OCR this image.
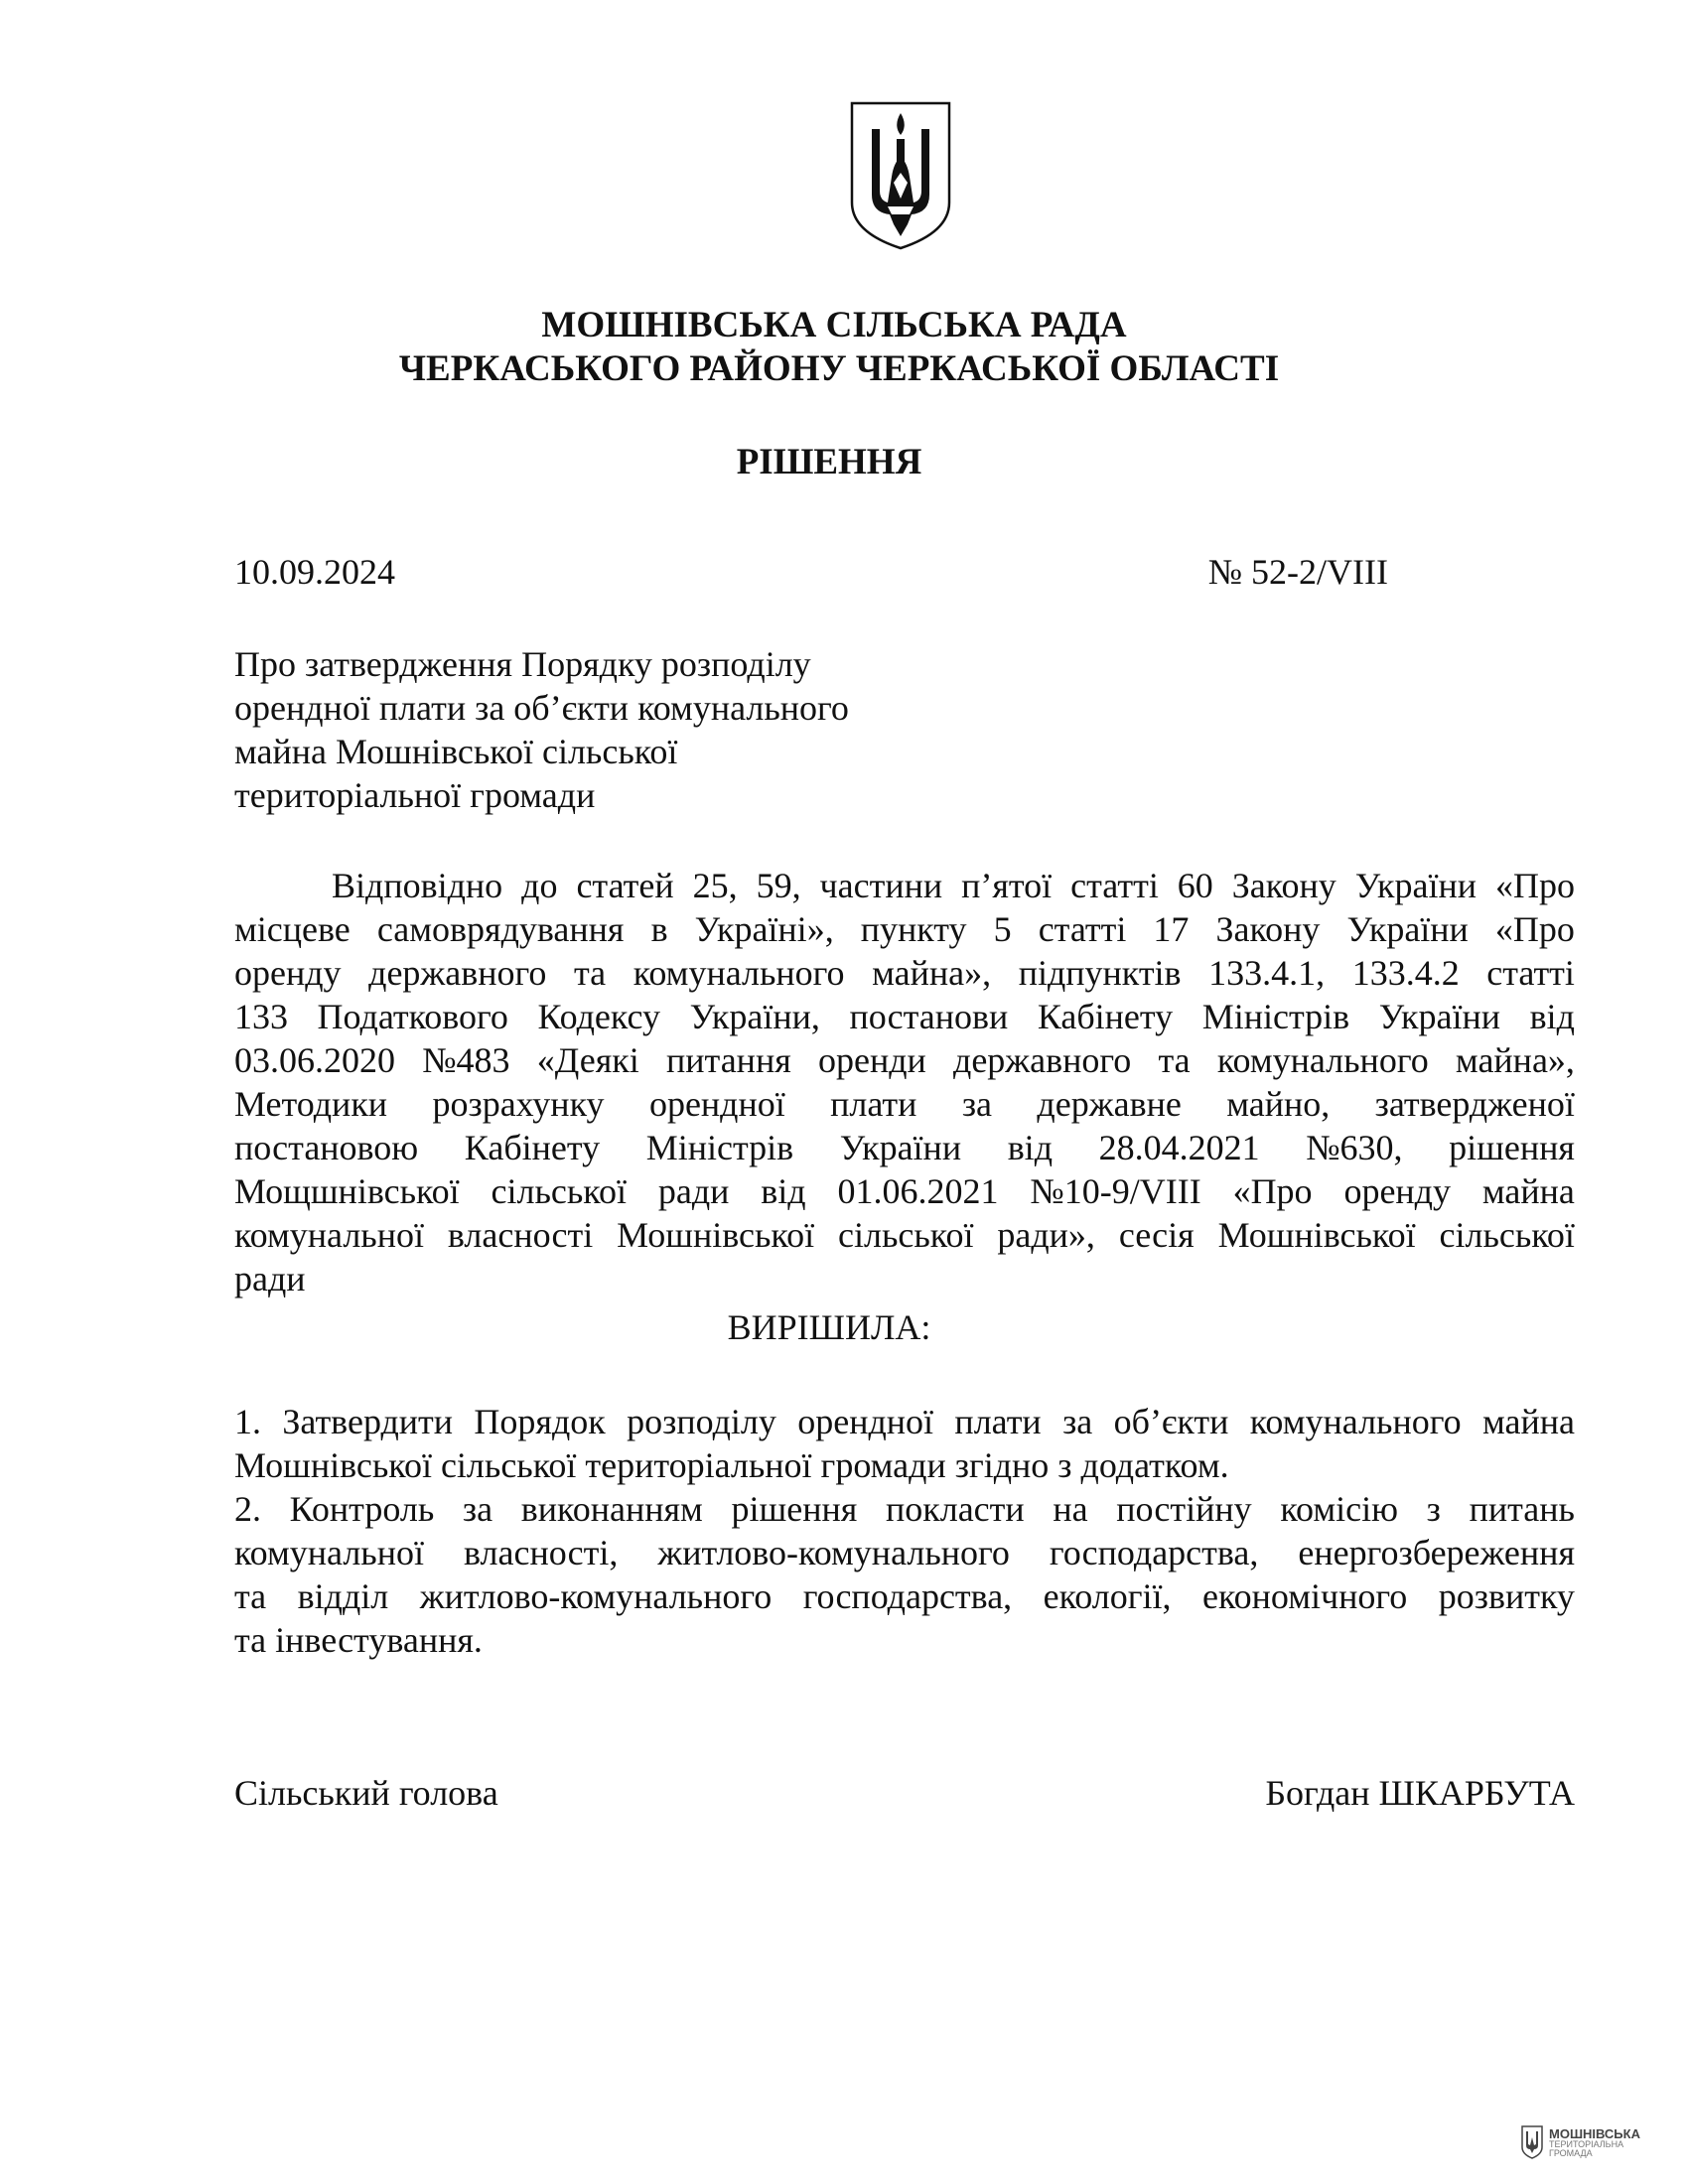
МОШНІВСЬКА СІЛЬСЬКА РАДА
ЧЕРКАСЬКОГО РАЙОНУ ЧЕРКАСЬКОЇ ОБЛАСТІ
РІШЕННЯ
10.09.2024	№ 52-2/VIII
Про затвердження Порядку розподілу
орендної плати за об’єкти комунального
майна Мошнівської сільської
територіальної громади
Відповідно до статей 25, 59, частини п’ятої статті 60 Закону України «Про
місцеве самоврядування в Україні», пункту 5 статті 17 Закону України «Про
оренду державного та комунального майна», підпунктів 133.4.1, 133.4.2 статті
133 Податкового Кодексу України, постанови Кабінету Міністрів України від
03.06.2020 №483 «Деякі питання оренди державного та комунального майна»,
Методики розрахунку орендної плати за державне майно, затвердженої
постановою Кабінету Міністрів України від 28.04.2021 №630, рішення
Мощшнівської сільської ради від 01.06.2021 №10-9/VIII «Про оренду майна
комунальної власності Мошнівської сільської ради», сесія Мошнівської сільської
ради
ВИРІШИЛА:
1. Затвердити Порядок розподілу орендної плати за об’єкти комунального майна
Мошнівської сільської територіальної громади згідно з додатком.
2. Контроль за виконанням рішення покласти на постійну комісію з питань
комунальної власності, житлово-комунального господарства, енергозбереження
та відділ житлово-комунального господарства, екології, економічного розвитку
та інвестування.
Сільський голова	Богдан ШКАРБУТА
МОШНІВСЬКА
ТЕРИТОРІАЛЬНА
ГРОМАДА
